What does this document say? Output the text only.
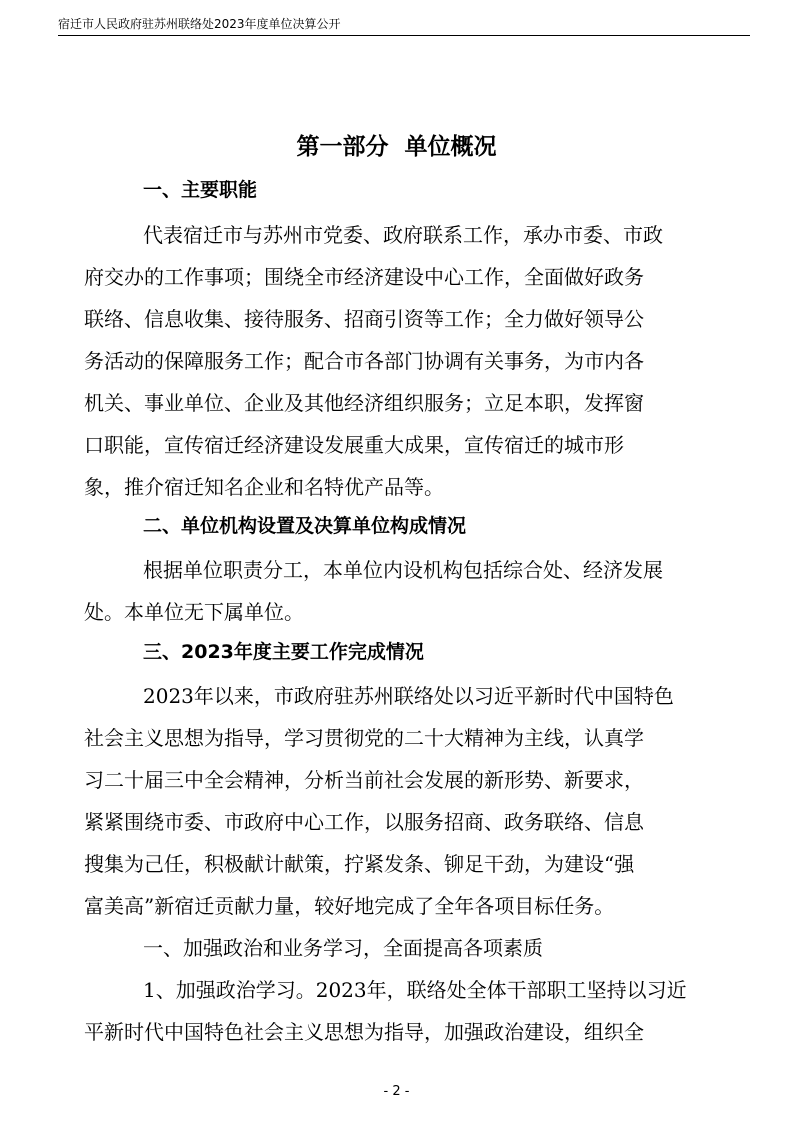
宿迁市人民政府驻苏州联络处2023年度单位决算公开
第一部分  单位概况
一、主要职能
代表宿迁市与苏州市党委、政府联系工作，承办市委、市政
府交办的工作事项；围绕全市经济建设中心工作，全面做好政务
联络、信息收集、接待服务、招商引资等工作；全力做好领导公
务活动的保障服务工作；配合市各部门协调有关事务，为市内各
机关、事业单位、企业及其他经济组织服务；立足本职，发挥窗
口职能，宣传宿迁经济建设发展重大成果，宣传宿迁的城市形
象，推介宿迁知名企业和名特优产品等。
二、单位机构设置及决算单位构成情况
根据单位职责分工，本单位内设机构包括综合处、经济发展
处。本单位无下属单位。
三、2023年度主要工作完成情况
2023年以来，市政府驻苏州联络处以习近平新时代中国特色
社会主义思想为指导，学习贯彻党的二十大精神为主线，认真学
习二十届三中全会精神，分析当前社会发展的新形势、新要求，
紧紧围绕市委、市政府中心工作，以服务招商、政务联络、信息
搜集为己任，积极献计献策，拧紧发条、铆足干劲，为建设“强
富美高”新宿迁贡献力量，较好地完成了全年各项目标任务。
一、加强政治和业务学习，全面提高各项素质
1、加强政治学习。2023年，联络处全体干部职工坚持以习近
平新时代中国特色社会主义思想为指导，加强政治建设，组织全
- 2 -
